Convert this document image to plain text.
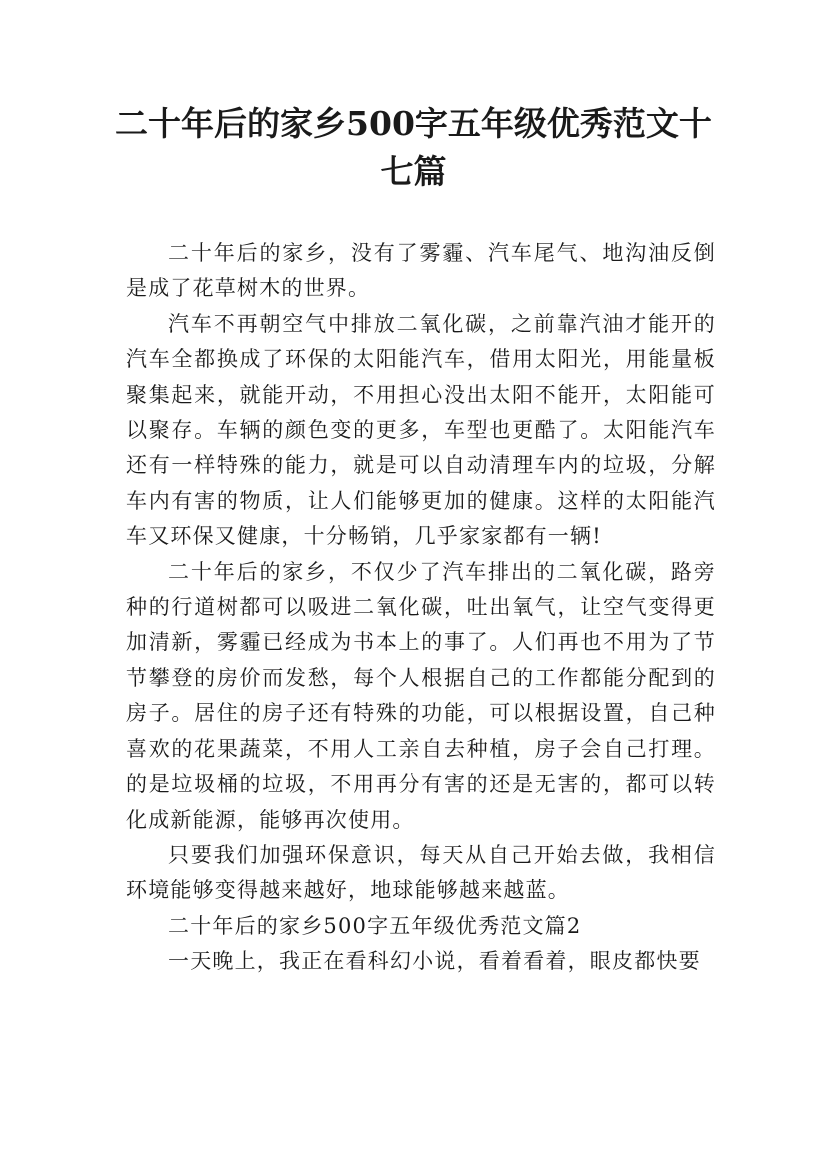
二十年后的家乡500字五年级优秀范文十七篇

二十年后的家乡，没有了雾霾、汽车尾气、地沟油反倒是成了花草树木的世界。

汽车不再朝空气中排放二氧化碳，之前靠汽油才能开的汽车全都换成了环保的太阳能汽车，借用太阳光，用能量板聚集起来，就能开动，不用担心没出太阳不能开，太阳能可以聚存。车辆的颜色变的更多，车型也更酷了。太阳能汽车还有一样特殊的能力，就是可以自动清理车内的垃圾，分解车内有害的物质，让人们能够更加的健康。这样的太阳能汽车又环保又健康，十分畅销，几乎家家都有一辆!

二十年后的家乡，不仅少了汽车排出的二氧化碳，路旁种的行道树都可以吸进二氧化碳，吐出氧气，让空气变得更加清新，雾霾已经成为书本上的事了。人们再也不用为了节节攀登的房价而发愁，每个人根据自己的工作都能分配到的房子。居住的房子还有特殊的功能，可以根据设置，自己种喜欢的花果蔬菜，不用人工亲自去种植，房子会自己打理。的是垃圾桶的垃圾，不用再分有害的还是无害的，都可以转化成新能源，能够再次使用。

只要我们加强环保意识，每天从自己开始去做，我相信环境能够变得越来越好，地球能够越来越蓝。

二十年后的家乡500字五年级优秀范文篇2

一天晚上，我正在看科幻小说，看着看着，眼皮都快要
